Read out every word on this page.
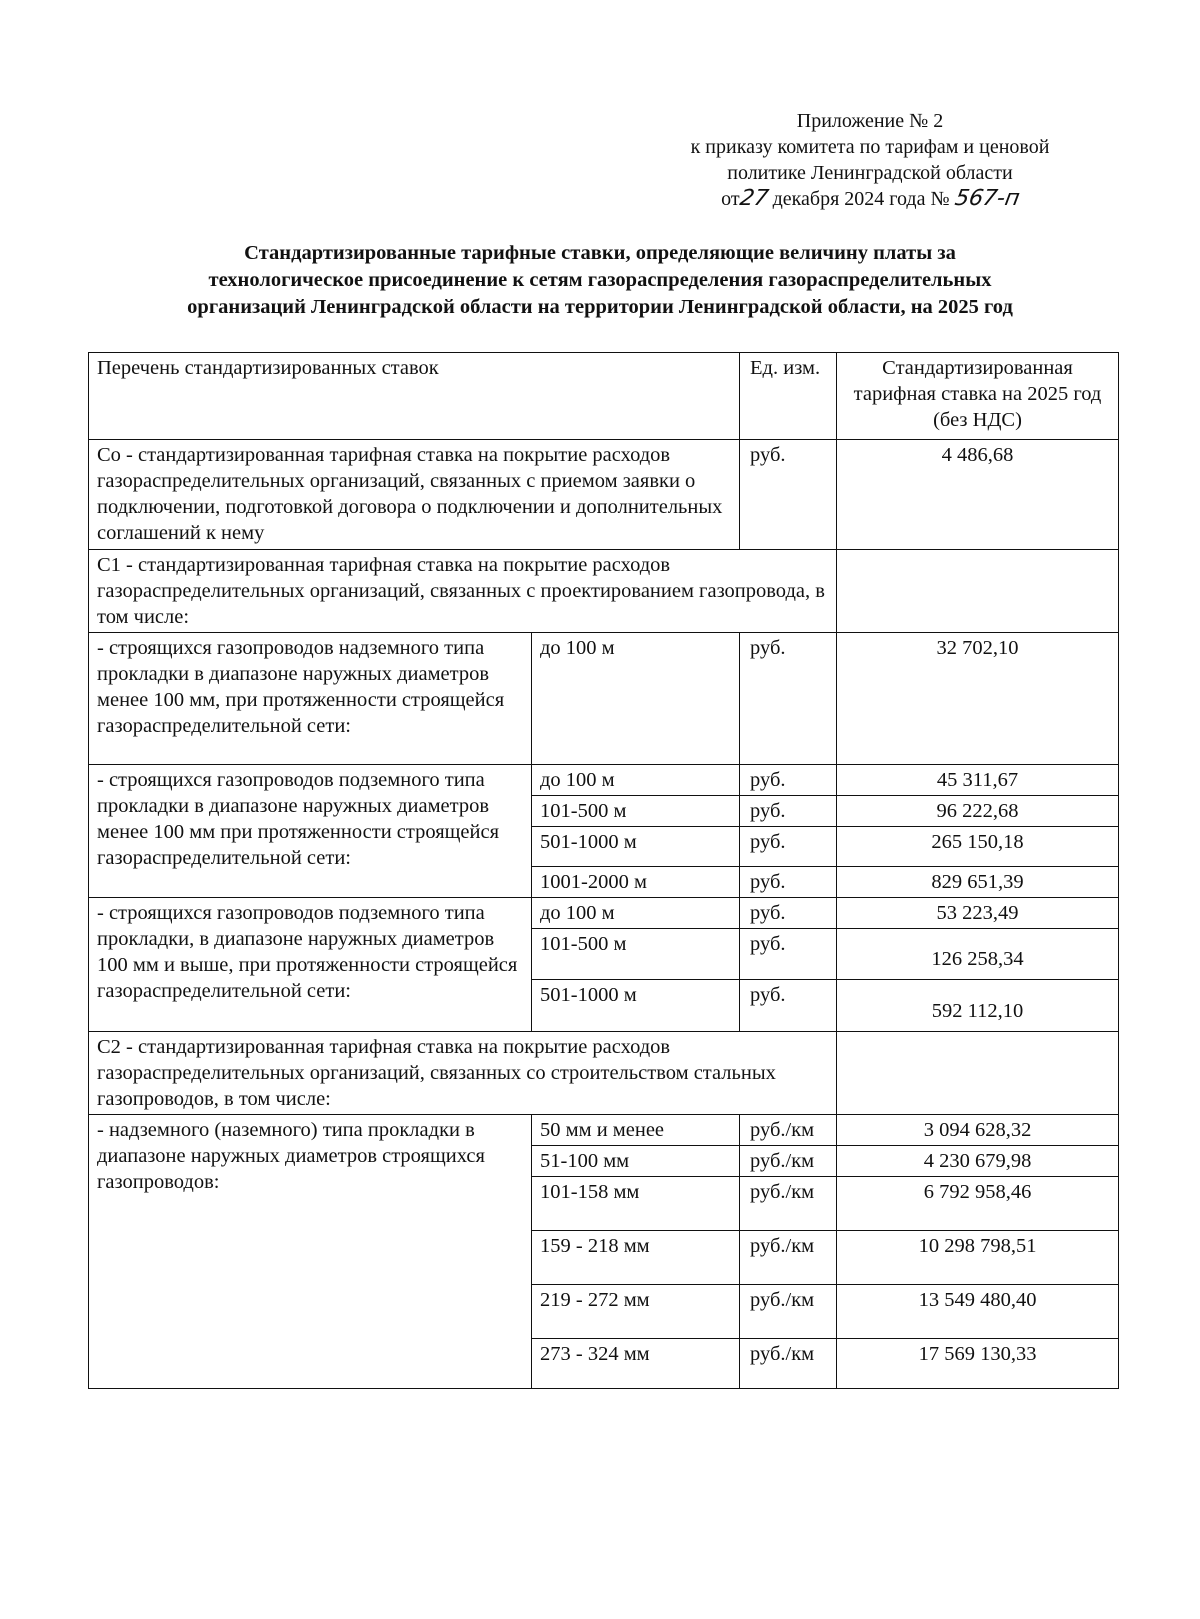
Приложение № 2
к приказу комитета по тарифам и ценовой
политике Ленинградской области
от27 декабря 2024 года № 567-п
Стандартизированные тарифные ставки, определяющие величину платы за
технологическое присоединение к сетям газораспределения газораспределительных
организаций Ленинградской области на территории Ленинградской области, на 2025 год
Перечень стандартизированных ставок		Ед. изм.	Стандартизированная тарифная ставка на 2025 год (без НДС)
Со - стандартизированная тарифная ставка на покрытие расходов газораспределительных организаций, связанных с приемом заявки о подключении, подготовкой договора о подключении и дополнительных соглашений к нему		руб.	4 486,68
С1 - стандартизированная тарифная ставка на покрытие расходов газораспределительных организаций, связанных с проектированием газопровода, в том числе:			
- строящихся газопроводов надземного типа прокладки в диапазоне наружных диаметров менее 100 мм, при протяженности строящейся газораспределительной сети:	до 100 м	руб.	32 702,10
- строящихся газопроводов подземного типа прокладки в диапазоне наружных диаметров менее 100 мм при протяженности строящейся газораспределительной сети:	до 100 м	руб.	45 311,67
	101-500 м	руб.	96 222,68
	501-1000 м	руб.	265 150,18
	1001-2000 м	руб.	829 651,39
- строящихся газопроводов подземного типа прокладки, в диапазоне наружных диаметров 100 мм и выше, при протяженности строящейся газораспределительной сети:	до 100 м	руб.	53 223,49
	101-500 м	руб.	126 258,34
	501-1000 м	руб.	592 112,10
С2 - стандартизированная тарифная ставка на покрытие расходов газораспределительных организаций, связанных со строительством стальных газопроводов, в том числе:			
- надземного (наземного) типа прокладки в диапазоне наружных диаметров строящихся газопроводов:	50 мм и менее	руб./км	3 094 628,32
	51-100 мм	руб./км	4 230 679,98
	101-158 мм	руб./км	6 792 958,46
	159 - 218 мм	руб./км	10 298 798,51
	219 - 272 мм	руб./км	13 549 480,40
	273 - 324 мм	руб./км	17 569 130,33
